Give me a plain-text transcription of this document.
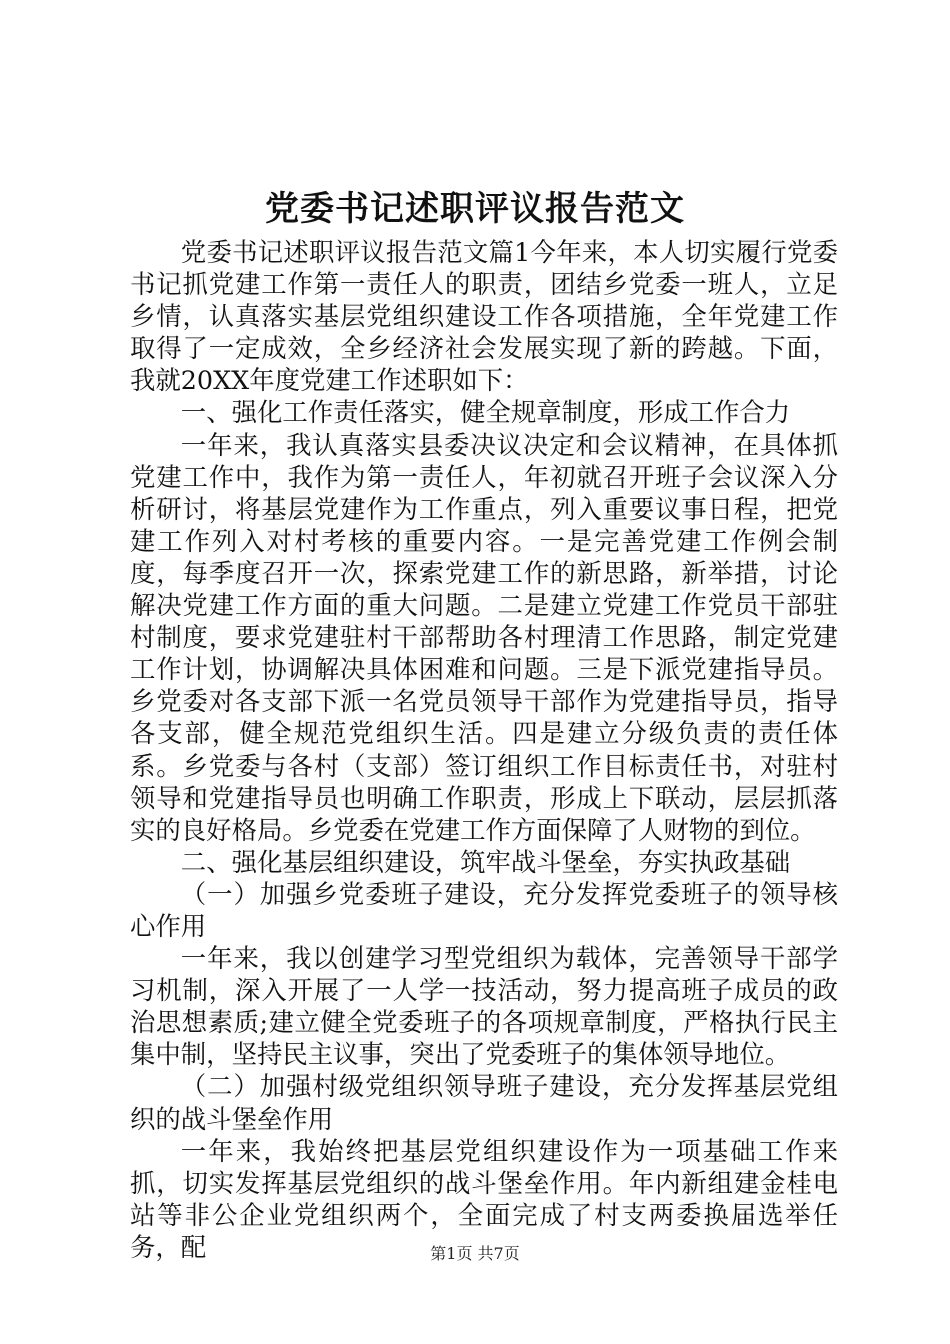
党委书记述职评议报告范文

党委书记述职评议报告范文篇1今年来，本人切实履行党委书记抓党建工作第一责任人的职责，团结乡党委一班人，立足乡情，认真落实基层党组织建设工作各项措施，全年党建工作取得了一定成效，全乡经济社会发展实现了新的跨越。下面，我就20XX年度党建工作述职如下：

一、强化工作责任落实，健全规章制度，形成工作合力

一年来，我认真落实县委决议决定和会议精神，在具体抓党建工作中，我作为第一责任人，年初就召开班子会议深入分析研讨，将基层党建作为工作重点，列入重要议事日程，把党建工作列入对村考核的重要内容。一是完善党建工作例会制度，每季度召开一次，探索党建工作的新思路，新举措，讨论解决党建工作方面的重大问题。二是建立党建工作党员干部驻村制度，要求党建驻村干部帮助各村理清工作思路，制定党建工作计划，协调解决具体困难和问题。三是下派党建指导员。乡党委对各支部下派一名党员领导干部作为党建指导员，指导各支部，健全规范党组织生活。四是建立分级负责的责任体系。乡党委与各村（支部）签订组织工作目标责任书，对驻村领导和党建指导员也明确工作职责，形成上下联动，层层抓落实的良好格局。乡党委在党建工作方面保障了人财物的到位。

二、强化基层组织建设，筑牢战斗堡垒，夯实执政基础

（一）加强乡党委班子建设，充分发挥党委班子的领导核心作用

一年来，我以创建学习型党组织为载体，完善领导干部学习机制，深入开展了一人学一技活动，努力提高班子成员的政治思想素质;建立健全党委班子的各项规章制度，严格执行民主集中制，坚持民主议事，突出了党委班子的集体领导地位。

（二）加强村级党组织领导班子建设，充分发挥基层党组织的战斗堡垒作用

一年来，我始终把基层党组织建设作为一项基础工作来抓，切实发挥基层党组织的战斗堡垒作用。年内新组建金桂电站等非公企业党组织两个，全面完成了村支两委换届选举任务，配	第1页 共7页
